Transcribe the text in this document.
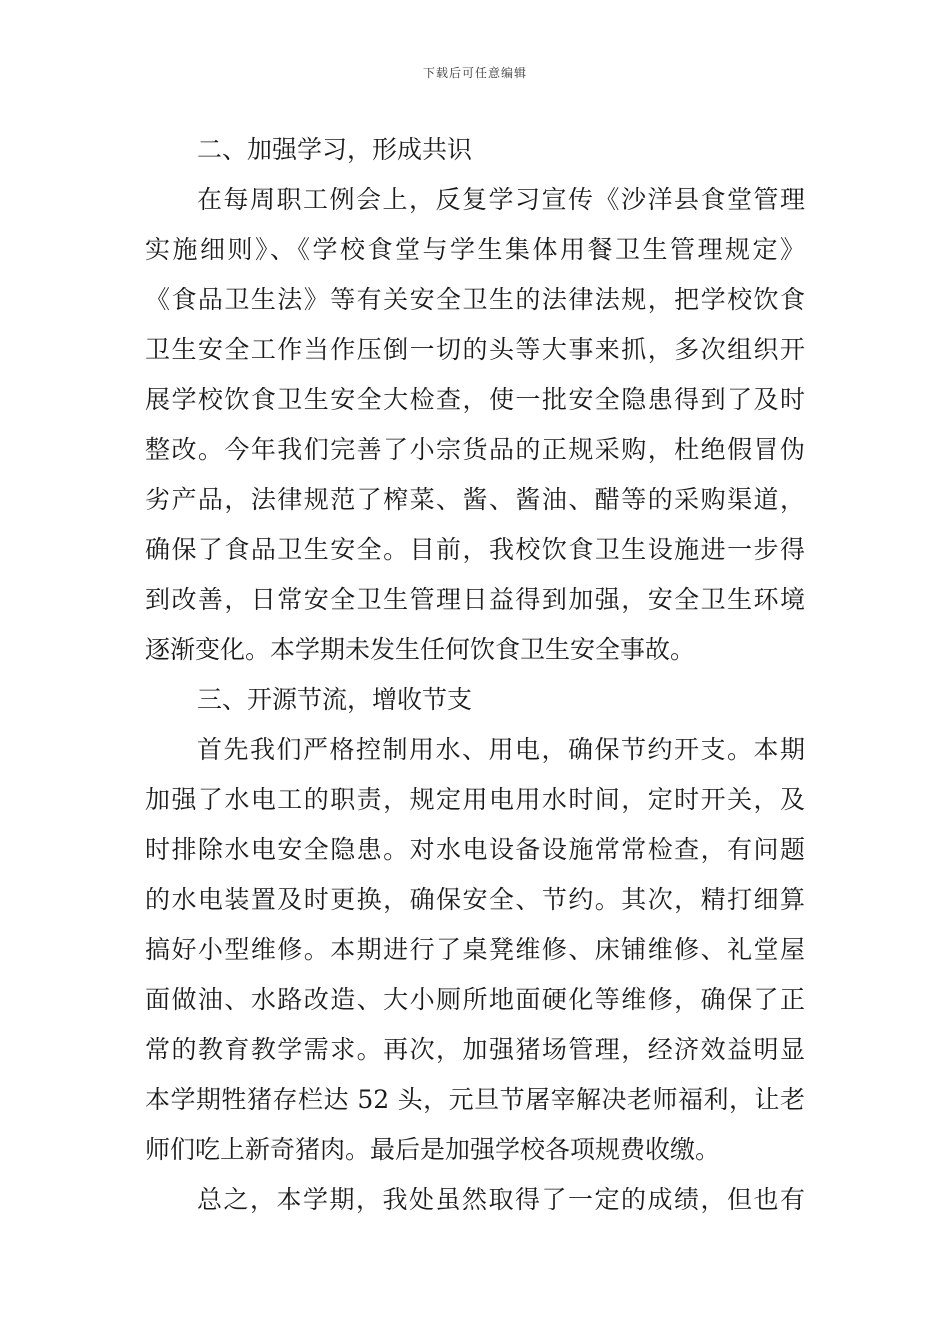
下载后可任意编辑
二、加强学习，形成共识
在每周职工例会上，反复学习宣传《沙洋县食堂管理
实施细则》、《学校食堂与学生集体用餐卫生管理规定》
《食品卫生法》等有关安全卫生的法律法规，把学校饮食
卫生安全工作当作压倒一切的头等大事来抓，多次组织开
展学校饮食卫生安全大检查，使一批安全隐患得到了及时
整改。今年我们完善了小宗货品的正规采购，杜绝假冒伪
劣产品，法律规范了榨菜、酱、酱油、醋等的采购渠道，
确保了食品卫生安全。目前，我校饮食卫生设施进一步得
到改善，日常安全卫生管理日益得到加强，安全卫生环境
逐渐变化。本学期未发生任何饮食卫生安全事故。
三、开源节流，增收节支
首先我们严格控制用水、用电，确保节约开支。本期
加强了水电工的职责，规定用电用水时间，定时开关，及
时排除水电安全隐患。对水电设备设施常常检查，有问题
的水电装置及时更换，确保安全、节约。其次，精打细算
搞好小型维修。本期进行了桌凳维修、床铺维修、礼堂屋
面做油、水路改造、大小厕所地面硬化等维修，确保了正
常的教育教学需求。再次，加强猪场管理，经济效益明显
本学期牲猪存栏达 52 头，元旦节屠宰解决老师福利，让老
师们吃上新奇猪肉。最后是加强学校各项规费收缴。
总之，本学期，我处虽然取得了一定的成绩，但也有
